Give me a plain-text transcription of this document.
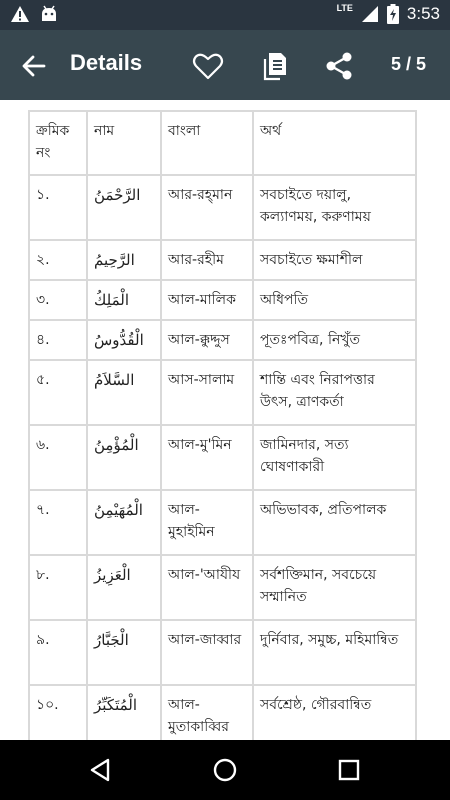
LTE	3:53
Details	5 / 5
ক্রমিক নং	নাম	বাংলা	অর্থ
১.	الرَّحْمَنُ	আর-রহ্‌মান	সবচাইতে দয়ালু, কল্যাণময়, করুণাময়
২.	الرَّحِيمُ	আর-রহীম	সবচাইতে ক্ষমাশীল
৩.	الْمَلِكُ	আল-মালিক	অধিপতি
৪.	الْقُدُّوسُ	আল-ক্কুদ্দুস	পূতঃপবিত্র, নিখুঁত
৫.	السَّلاَمُ	আস-সালাম	শান্তি এবং নিরাপত্তার উৎস, ত্রাণকর্তা
৬.	الْمُؤْمِنُ	আল-মু'মিন	জামিনদার, সত্য ঘোষণাকারী
৭.	الْمُهَيْمِنُ	আল-মুহাইমিন	অভিভাবক, প্রতিপালক
৮.	الْعَزِيزُ	আল-'আযীয	সর্বশক্তিমান, সবচেয়ে সম্মানিত
৯.	الْجَبَّارُ	আল-জাব্বার	দুর্নিবার, সমুচ্চ, মহিমান্বিত
১০.	الْمُتَكَبِّرُ	আল-মুতাকাব্বির	সর্বশ্রেষ্ঠ, গৌরবান্বিত
